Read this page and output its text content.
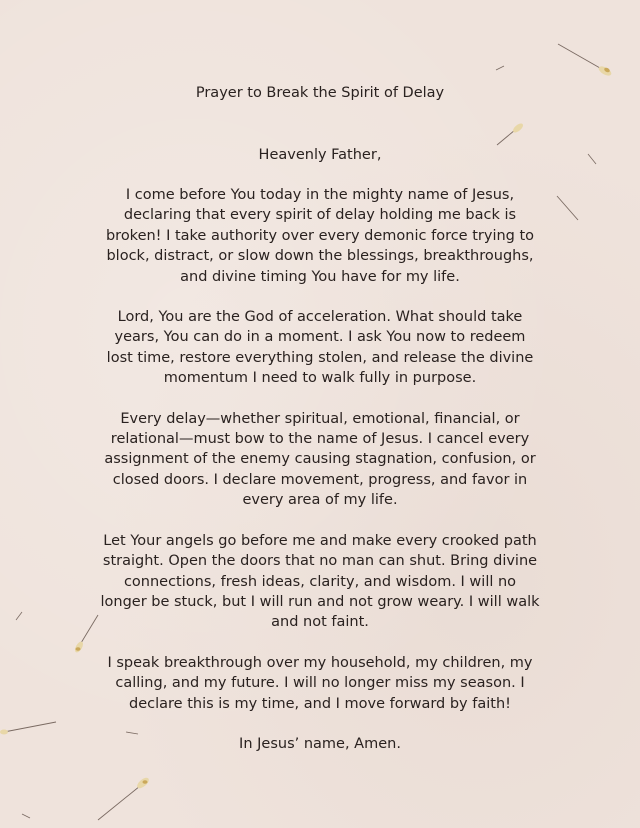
Prayer to Break the Spirit of Delay

Heavenly Father,

I come before You today in the mighty name of Jesus, declaring that every spirit of delay holding me back is broken! I take authority over every demonic force trying to block, distract, or slow down the blessings, breakthroughs, and divine timing You have for my life.

Lord, You are the God of acceleration. What should take years, You can do in a moment. I ask You now to redeem lost time, restore everything stolen, and release the divine momentum I need to walk fully in purpose.

Every delay—whether spiritual, emotional, financial, or relational—must bow to the name of Jesus. I cancel every assignment of the enemy causing stagnation, confusion, or closed doors. I declare movement, progress, and favor in every area of my life.

Let Your angels go before me and make every crooked path straight. Open the doors that no man can shut. Bring divine connections, fresh ideas, clarity, and wisdom. I will no longer be stuck, but I will run and not grow weary. I will walk and not faint.

I speak breakthrough over my household, my children, my calling, and my future. I will no longer miss my season. I declare this is my time, and I move forward by faith!

In Jesus’ name, Amen.
